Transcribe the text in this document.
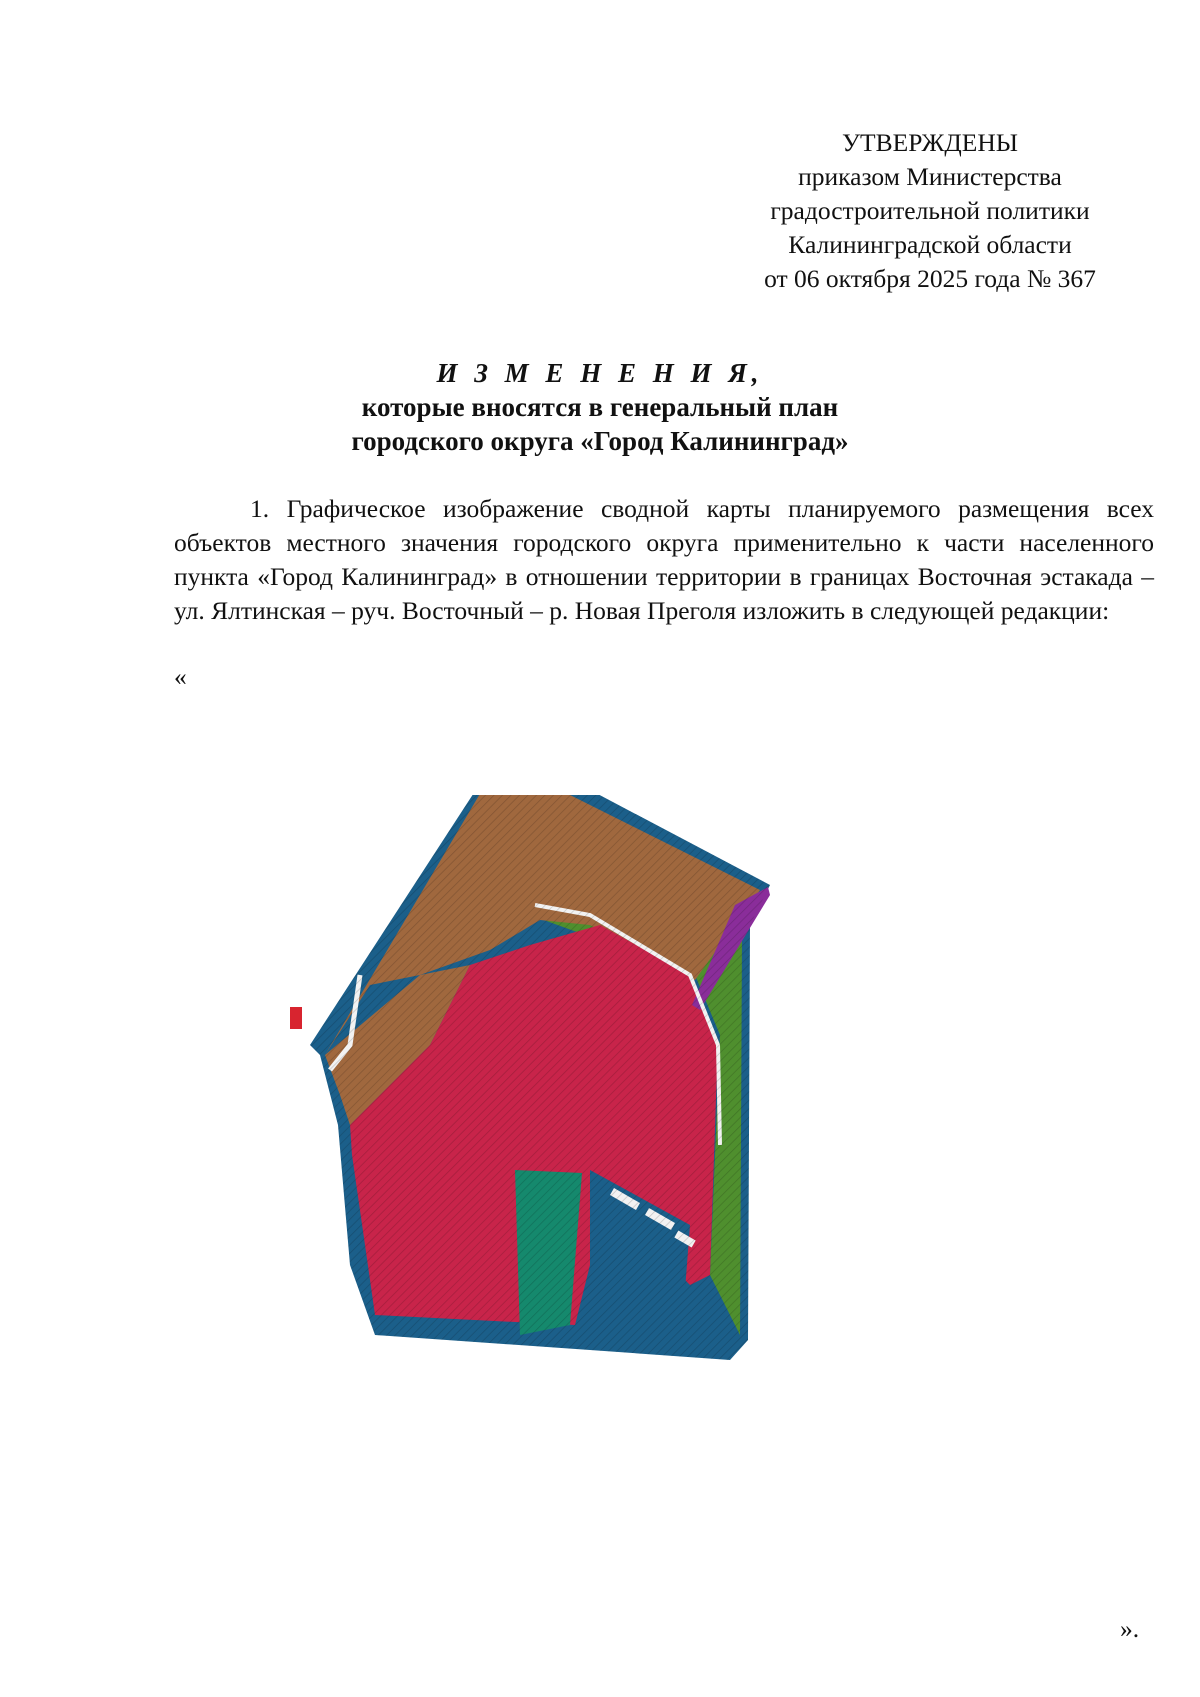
УТВЕРЖДЕНЫ
приказом Министерства
градостроительной политики
Калининградской области
от 06 октября 2025 года № 367
И З М Е Н Е Н И Я,
которые вносятся в генеральный план
городского округа «Город Калининград»
1. Графическое изображение сводной карты планируемого размещения всех объектов местного значения городского округа применительно к части населенного пункта «Город Калининград» в отношении территории в границах Восточная эстакада – ул. Ялтинская – руч. Восточный – р. Новая Преголя изложить в следующей редакции:
«
».
